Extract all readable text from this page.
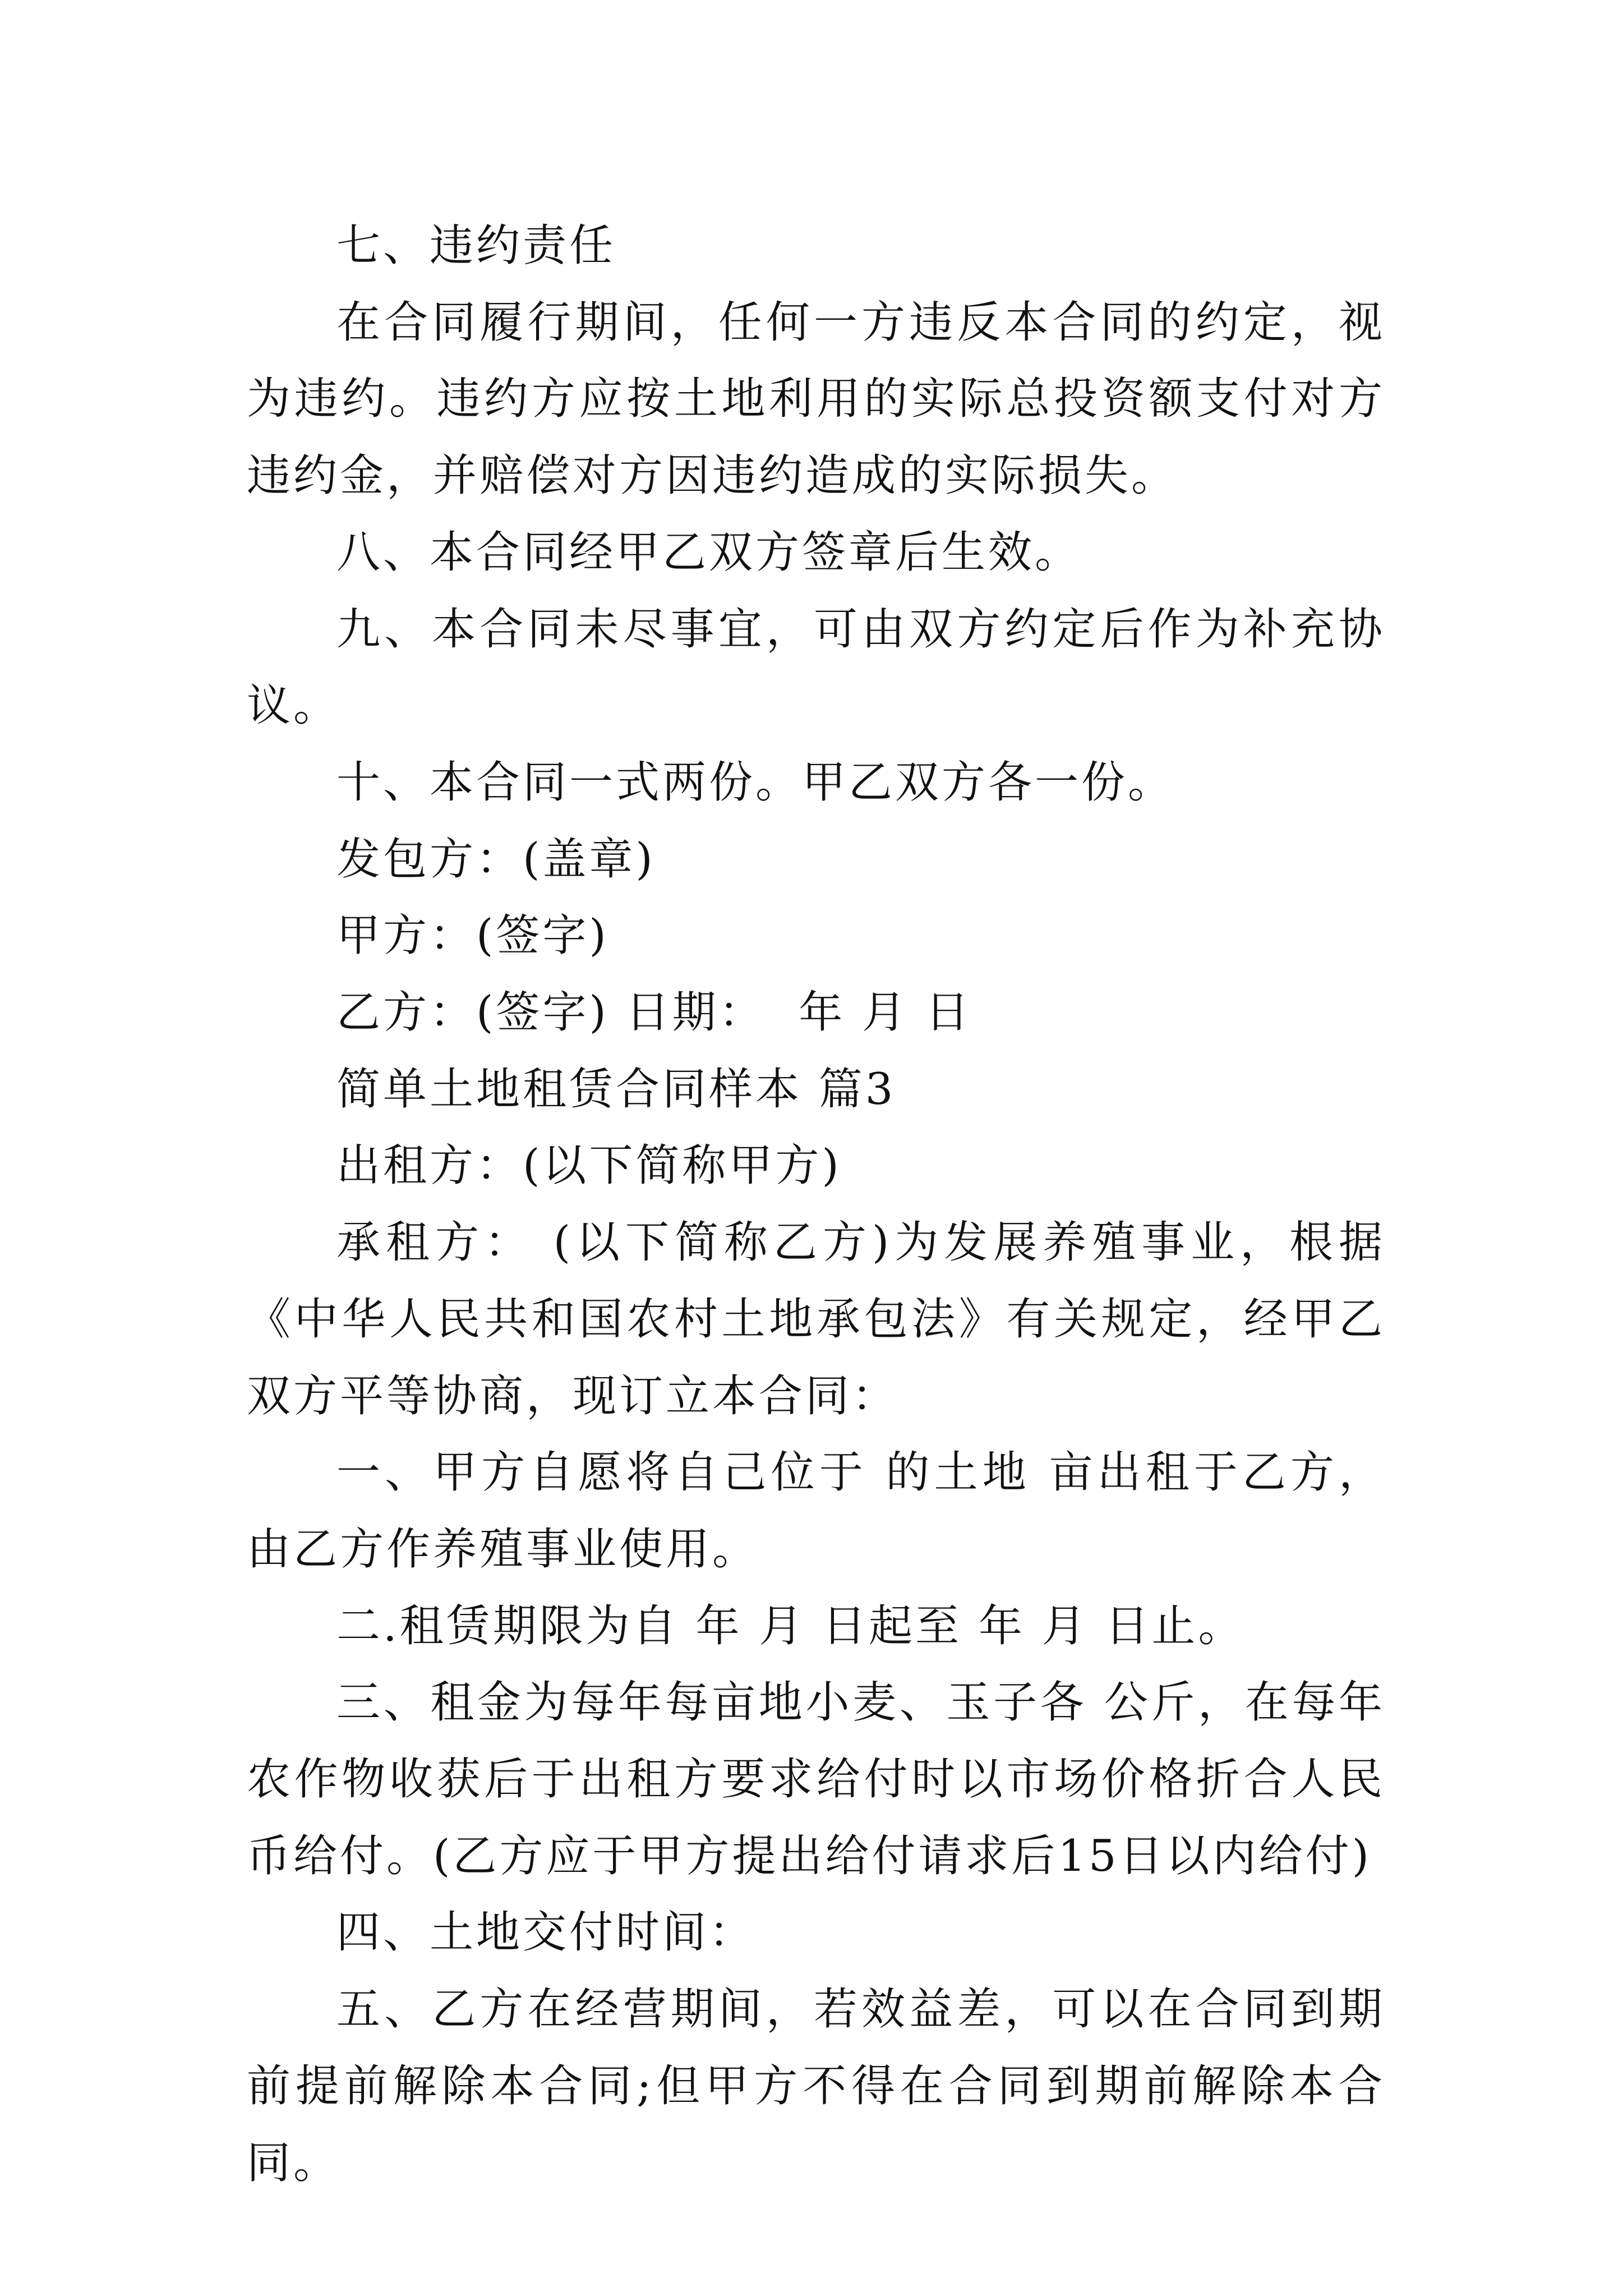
七、违约责任

在合同履行期间，任何一方违反本合同的约定，视为违约。违约方应按土地利用的实际总投资额支付对方违约金，并赔偿对方因违约造成的实际损失。

八、本合同经甲乙双方签章后生效。

九、本合同未尽事宜，可由双方约定后作为补充协议。

十、本合同一式两份。甲乙双方各一份。

发包方：(盖章)

甲方：(签字)

乙方：(签字) 日期：  年 月 日

简单土地租赁合同样本 篇3

出租方：(以下简称甲方)

承租方： (以下简称乙方)为发展养殖事业，根据《中华人民共和国农村土地承包法》有关规定，经甲乙双方平等协商，现订立本合同：

一、甲方自愿将自己位于 的土地 亩出租于乙方，由乙方作养殖事业使用。

二.租赁期限为自 年 月 日起至 年 月 日止。

三、租金为每年每亩地小麦、玉子各 公斤，在每年农作物收获后于出租方要求给付时以市场价格折合人民币给付。(乙方应于甲方提出给付请求后15日以内给付)

四、土地交付时间：

五、乙方在经营期间，若效益差，可以在合同到期前提前解除本合同;但甲方不得在合同到期前解除本合同。
